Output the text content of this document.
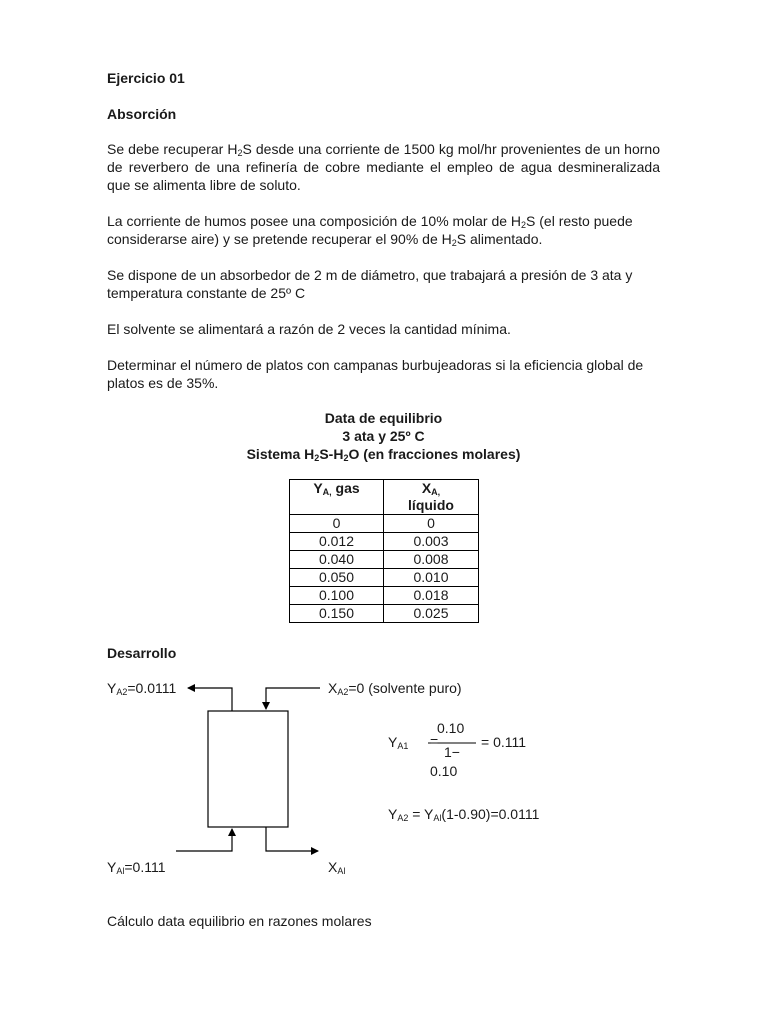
Ejercicio 01
Absorción
Se debe recuperar $H_2S$ desde una corriente de 1500 kg mol/hr provenientes de un horno de reverbero de una refinería de cobre mediante el empleo de agua desmineralizada que se alimenta libre de soluto.
La corriente de humos posee una composición de 10% molar de $H_2S$ (el resto puede considerarse aire) y se pretende recuperar el 90% de $H_2S$ alimentado.
Se dispone de un absorbedor de 2 m de diámetro, que trabajará a presión de 3 ata y temperatura constante de 25º C
El solvente se alimentará a razón de 2 veces la cantidad mínima.
Determinar el número de platos con campanas burbujeadoras si la eficiencia global de platos es de 35%.
Data de equilibrio
3 ata y 25º C
Sistema $H_2S-H_2O$ (en fracciones molares)
$Y_{A,}$ gas	$X_{A,}$
líquido
0	0
0.012	0.003
0.040	0.008
0.050	0.010
0.100	0.018
0.150	0.025
Desarrollo
$Y_{A2}=0.0111$	$X_{A2}=0$ (solvente puro)
$Y_{Al}=0.111$	$X_{Al}$
$Y_{A1}$ =
0.10
1−
0.10
= 0.111
$Y_{A2} = Y_{Al}(1-0.90)=0.0111$
Cálculo data equilibrio en razones molares
